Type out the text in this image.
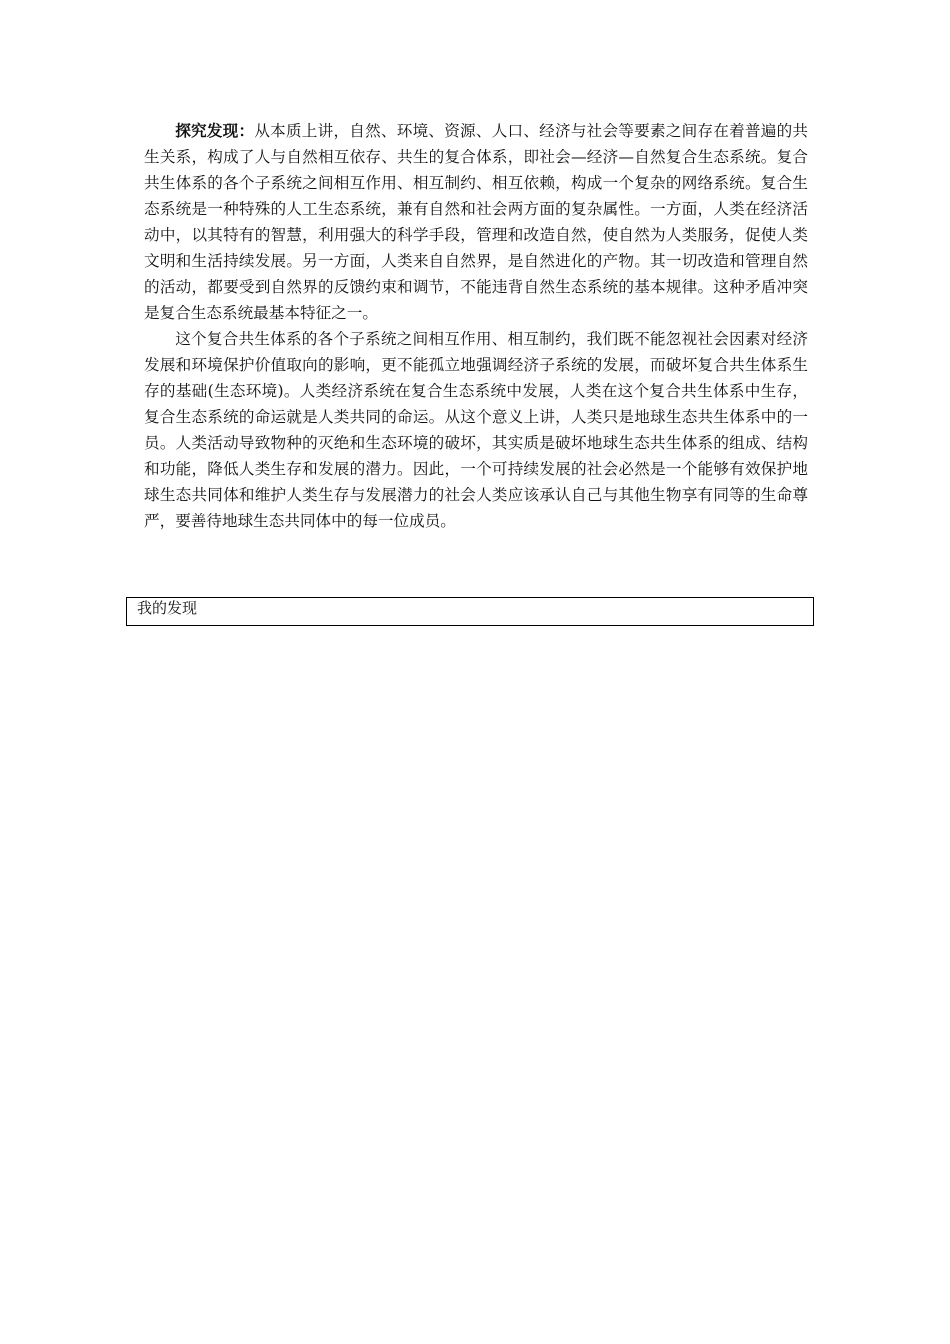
探究发现：从本质上讲，自然、环境、资源、人口、经济与社会等要素之间存在着普遍的共生关系，构成了人与自然相互依存、共生的复合体系，即社会—经济—自然复合生态系统。复合共生体系的各个子系统之间相互作用、相互制约、相互依赖，构成一个复杂的网络系统。复合生态系统是一种特殊的人工生态系统，兼有自然和社会两方面的复杂属性。一方面，人类在经济活动中，以其特有的智慧，利用强大的科学手段，管理和改造自然，使自然为人类服务，促使人类文明和生活持续发展。另一方面，人类来自自然界，是自然进化的产物。其一切改造和管理自然的活动，都要受到自然界的反馈约束和调节，不能违背自然生态系统的基本规律。这种矛盾冲突是复合生态系统最基本特征之一。

这个复合共生体系的各个子系统之间相互作用、相互制约，我们既不能忽视社会因素对经济发展和环境保护价值取向的影响，更不能孤立地强调经济子系统的发展，而破坏复合共生体系生存的基础(生态环境)。人类经济系统在复合生态系统中发展，人类在这个复合共生体系中生存，复合生态系统的命运就是人类共同的命运。从这个意义上讲，人类只是地球生态共生体系中的一员。人类活动导致物种的灭绝和生态环境的破坏，其实质是破坏地球生态共生体系的组成、结构和功能，降低人类生存和发展的潜力。因此，一个可持续发展的社会必然是一个能够有效保护地球生态共同体和维护人类生存与发展潜力的社会人类应该承认自己与其他生物享有同等的生命尊严，要善待地球生态共同体中的每一位成员。

我的发现
